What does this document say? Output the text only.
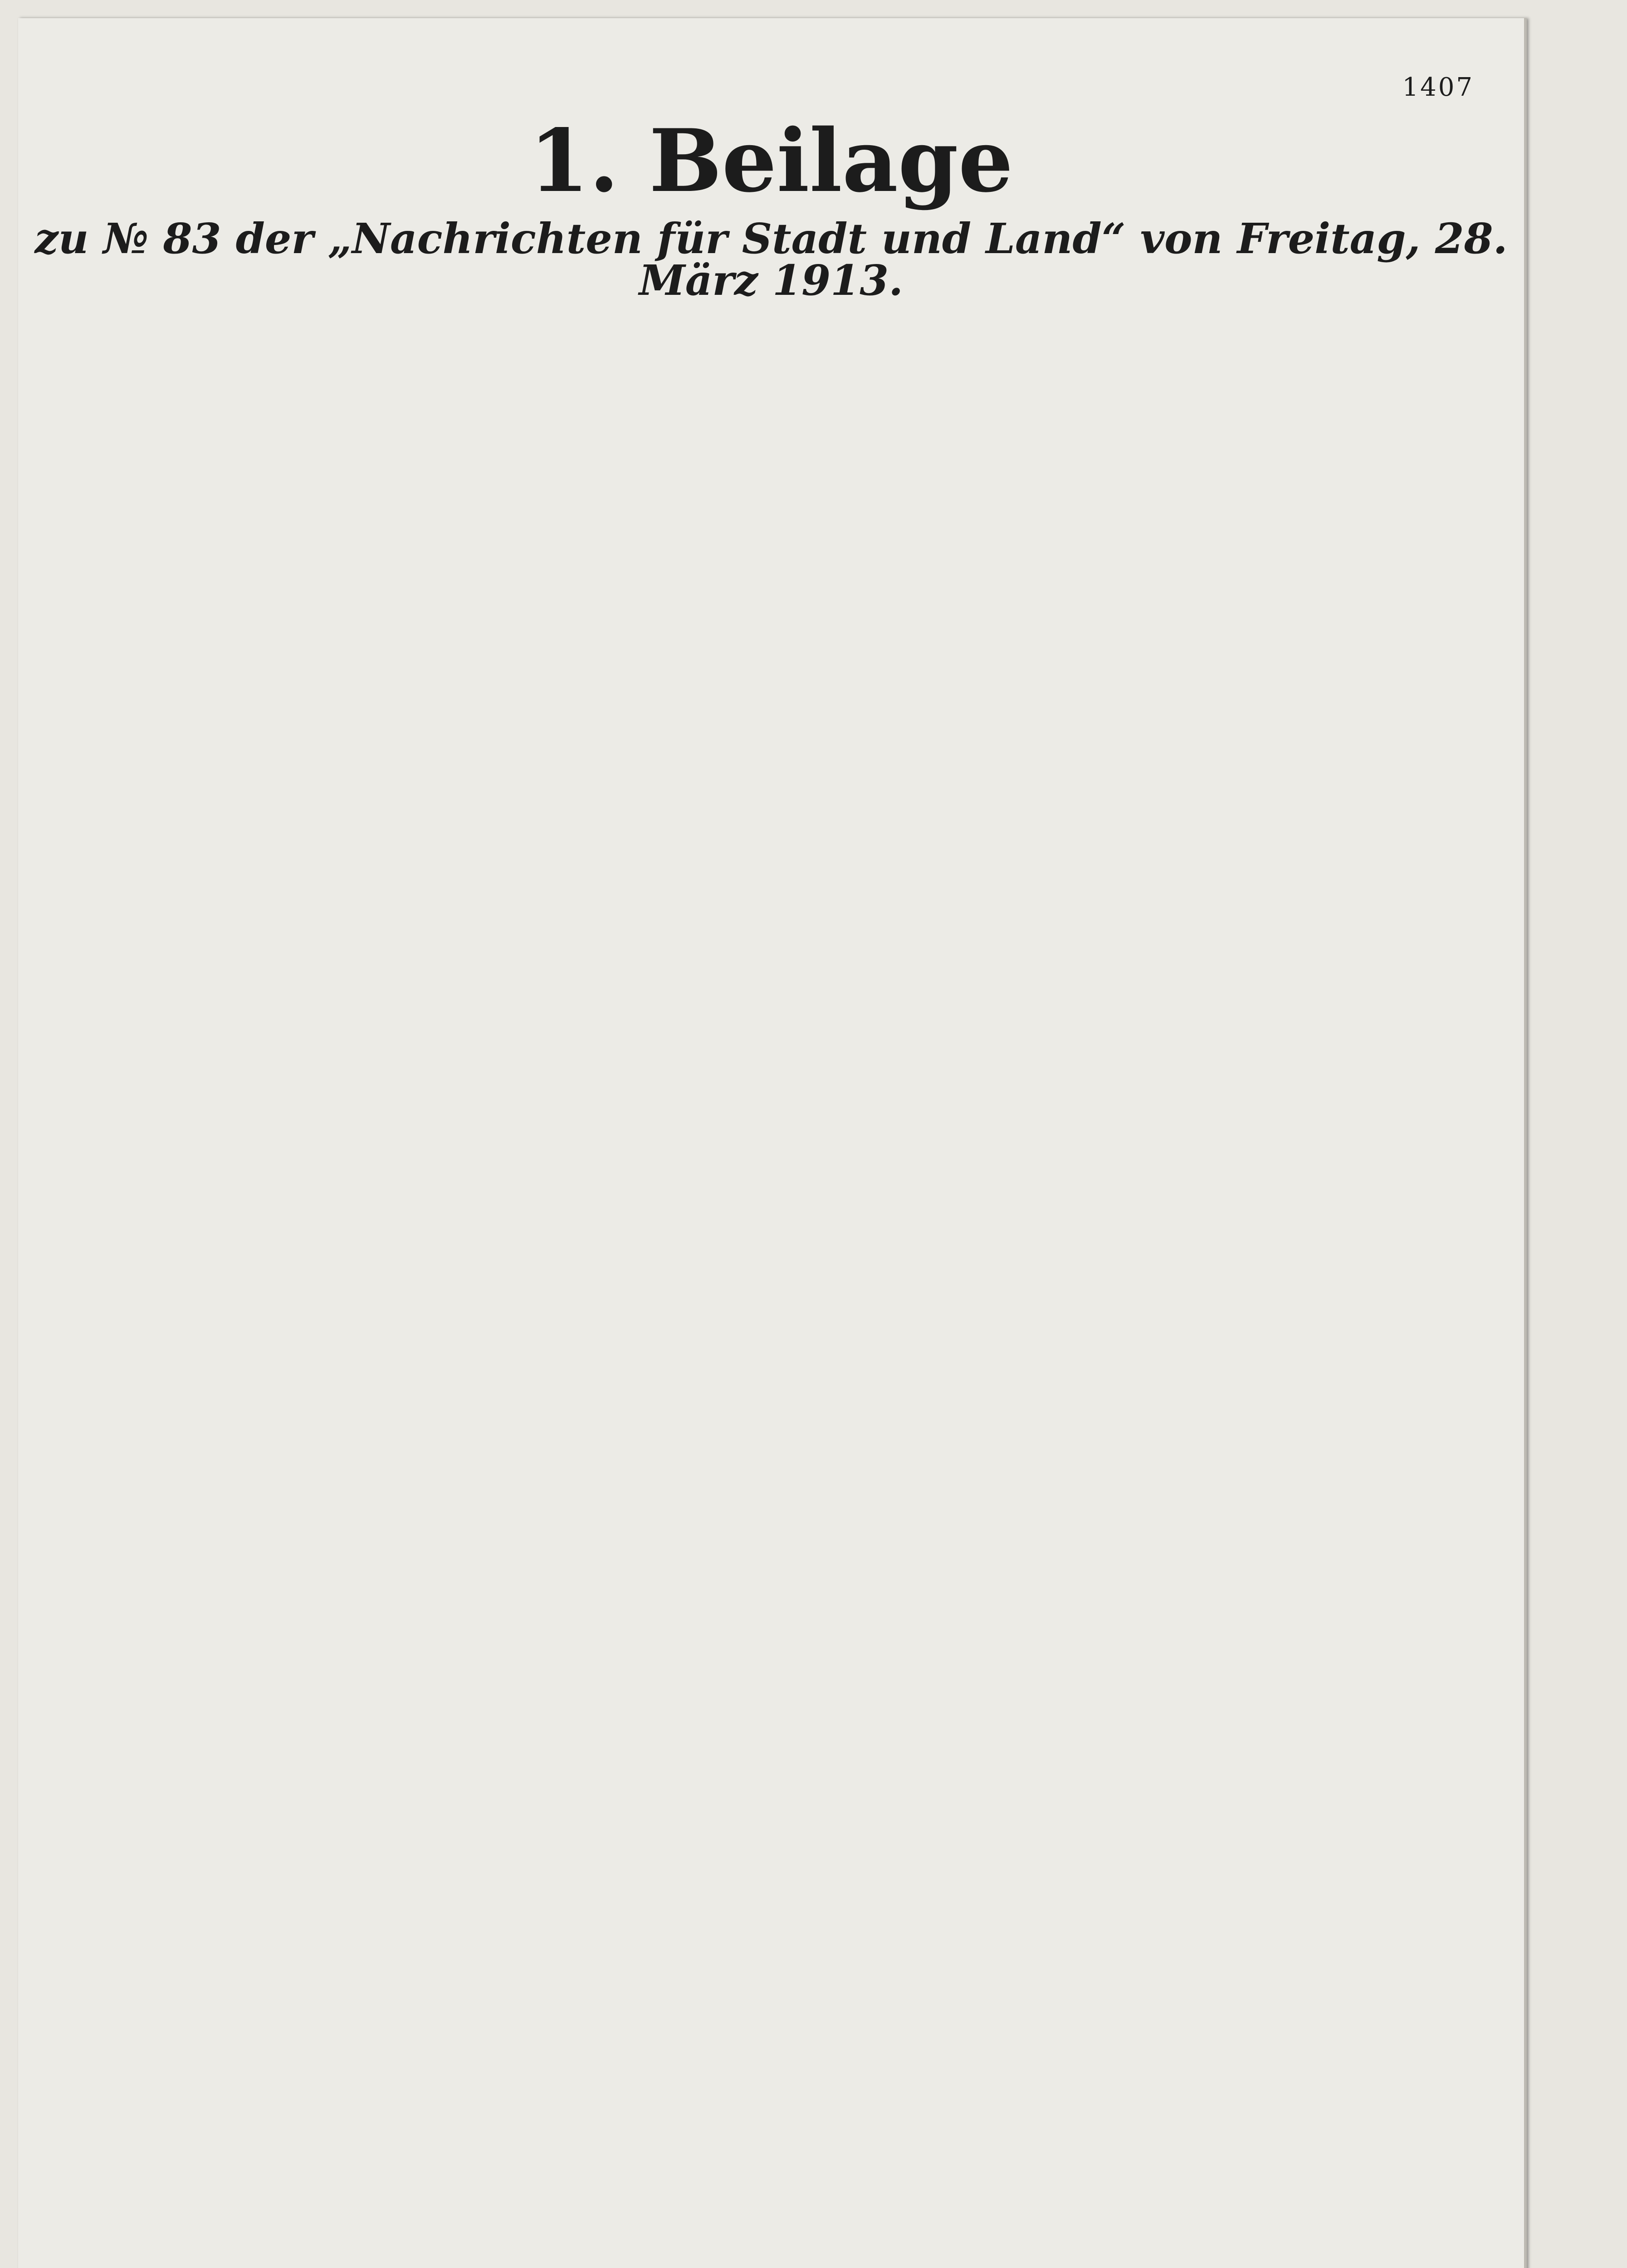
1407
1. Beilage
zu № 83 der „Nachrichten für Stadt und Land“ von Freitag, 28. März 1913.
